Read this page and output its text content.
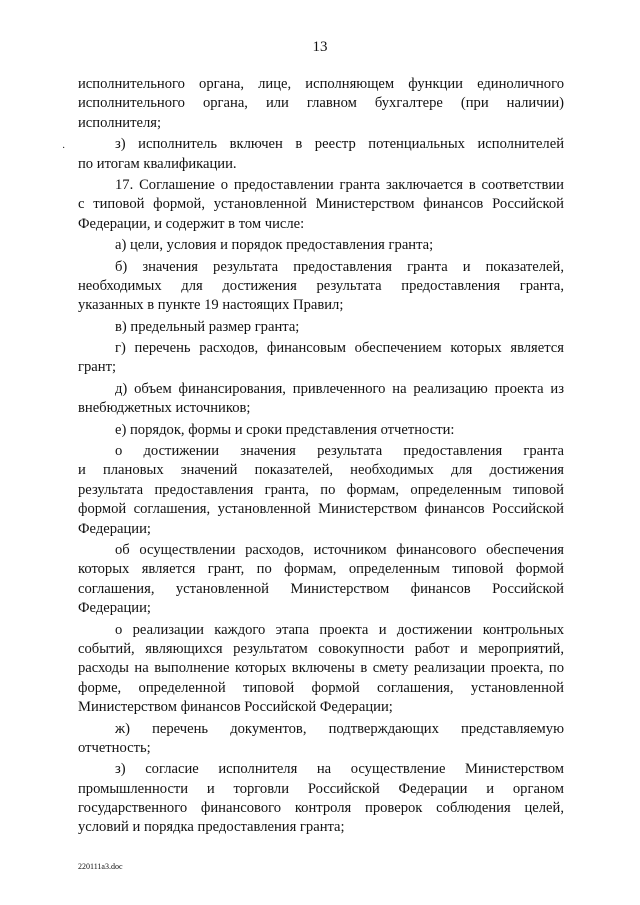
13
·
исполнительного органа, лице, исполняющем функции единоличного
исполнительного органа, или главном бухгалтере (при наличии)
исполнителя;
з) исполнитель включен в реестр потенциальных исполнителей
по итогам квалификации.
17. Соглашение о предоставлении гранта заключается в соответствии
с типовой формой, установленной Министерством финансов Российской
Федерации, и содержит в том числе:
а) цели, условия и порядок предоставления гранта;
б) значения результата предоставления гранта и показателей,
необходимых для достижения результата предоставления гранта,
указанных в пункте 19 настоящих Правил;
в) предельный размер гранта;
г) перечень расходов, финансовым обеспечением которых является
грант;
д) объем финансирования, привлеченного на реализацию проекта из
внебюджетных источников;
е) порядок, формы и сроки представления отчетности:
о достижении значения результата предоставления гранта
и плановых значений показателей, необходимых для достижения
результата предоставления гранта, по формам, определенным типовой
формой соглашения, установленной Министерством финансов Российской
Федерации;
об осуществлении расходов, источником финансового обеспечения
которых является грант, по формам, определенным типовой формой
соглашения, установленной Министерством финансов Российской
Федерации;
о реализации каждого этапа проекта и достижении контрольных
событий, являющихся результатом совокупности работ и мероприятий,
расходы на выполнение которых включены в смету реализации проекта, по
форме, определенной типовой формой соглашения, установленной
Министерством финансов Российской Федерации;
ж) перечень документов, подтверждающих представляемую
отчетность;
з) согласие исполнителя на осуществление Министерством
промышленности и торговли Российской Федерации и органом
государственного финансового контроля проверок соблюдения целей,
условий и порядка предоставления гранта;
220111a3.doc
